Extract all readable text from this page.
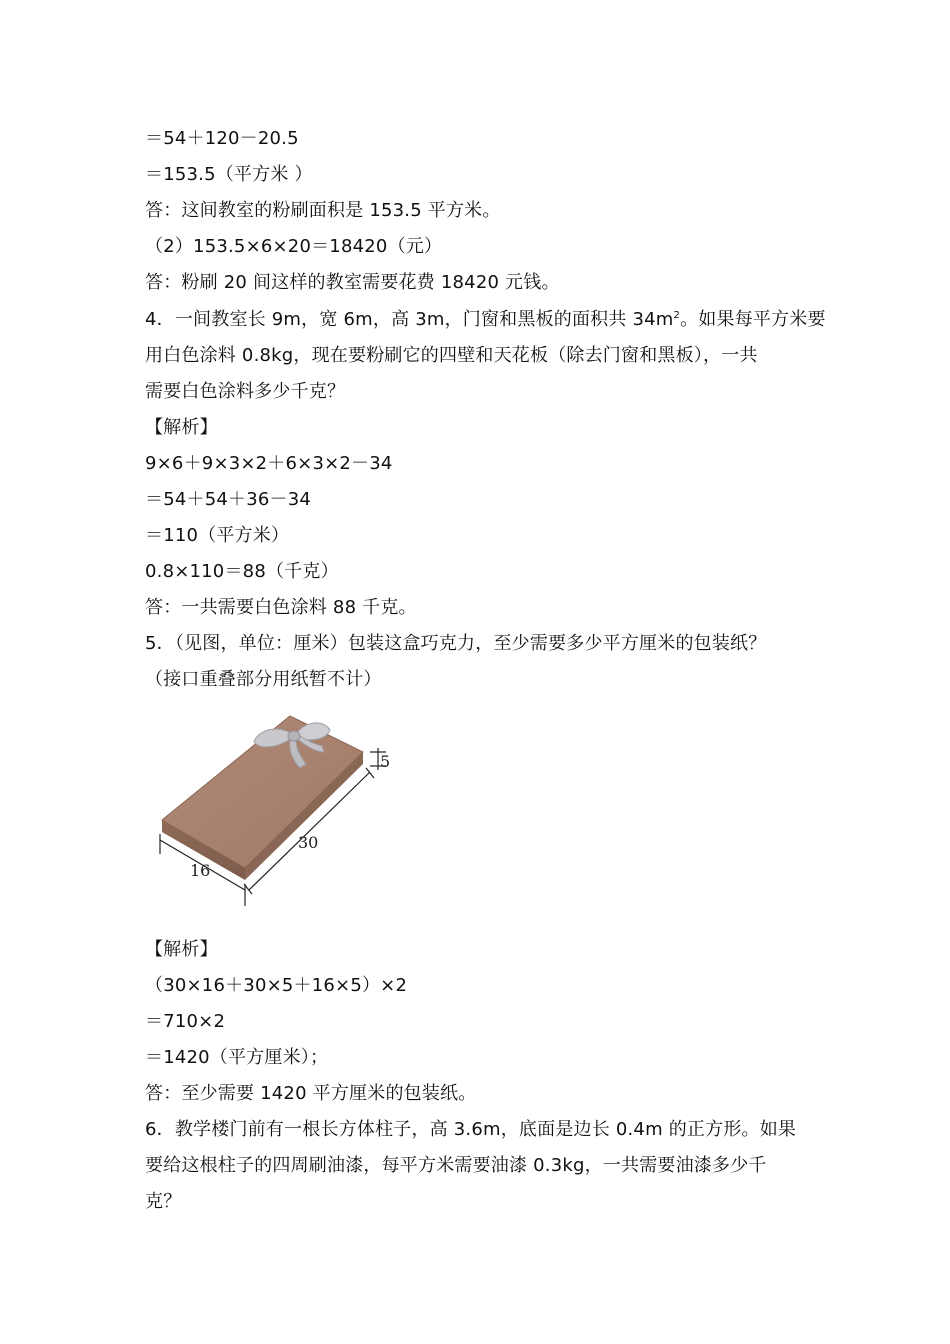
＝54＋120－20.5
＝153.5（平方米 ）
答：这间教室的粉刷面积是 153.5 平方米。
（2）153.5×6×20＝18420（元）
答：粉刷 20 间这样的教室需要花费 18420 元钱。
4．一间教室长 9m，宽 6m，高 3m，门窗和黑板的面积共 $34m^2$。如果每平方米要
用白色涂料 0.8kg，现在要粉刷它的四壁和天花板（除去门窗和黑板），一共
需要白色涂料多少千克？
【解析】
9×6＋9×3×2＋6×3×2－34
＝54＋54＋36－34
＝110（平方米）
0.8×110＝88（千克）
答：一共需要白色涂料 88 千克。
5．（见图，单位：厘米）包装这盒巧克力，至少需要多少平方厘米的包装纸？
（接口重叠部分用纸暂不计）
5
30
16
【解析】
（30×16＋30×5＋16×5）×2
＝710×2
＝1420（平方厘米）；
答：至少需要 1420 平方厘米的包装纸。
6．教学楼门前有一根长方体柱子，高 3.6m，底面是边长 0.4m 的正方形。如果
要给这根柱子的四周刷油漆，每平方米需要油漆 0.3kg，一共需要油漆多少千
克？
